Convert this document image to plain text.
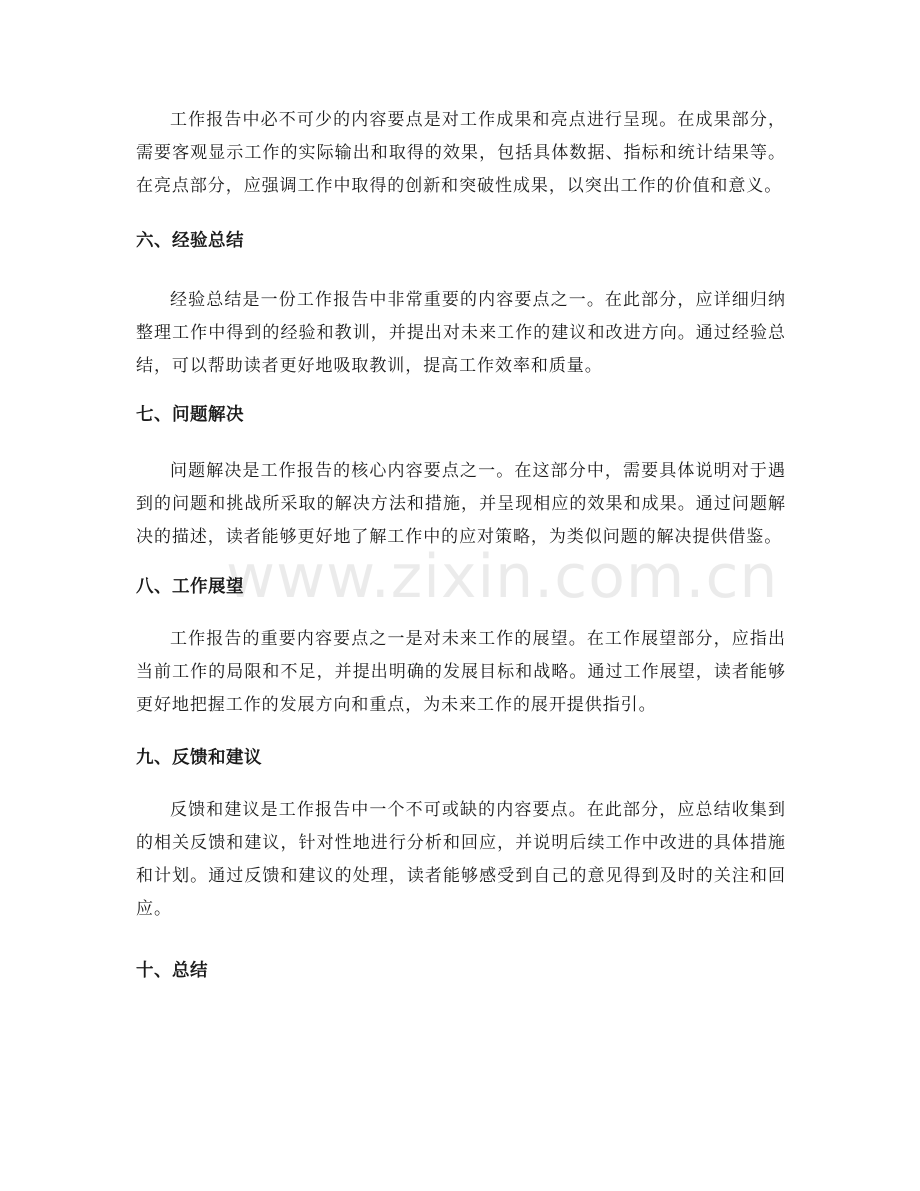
工作报告中必不可少的内容要点是对工作成果和亮点进行呈现。在成果部分，需要客观显示工作的实际输出和取得的效果，包括具体数据、指标和统计结果等。在亮点部分，应强调工作中取得的创新和突破性成果，以突出工作的价值和意义。

六、经验总结

经验总结是一份工作报告中非常重要的内容要点之一。在此部分，应详细归纳整理工作中得到的经验和教训，并提出对未来工作的建议和改进方向。通过经验总结，可以帮助读者更好地吸取教训，提高工作效率和质量。

七、问题解决

问题解决是工作报告的核心内容要点之一。在这部分中，需要具体说明对于遇到的问题和挑战所采取的解决方法和措施，并呈现相应的效果和成果。通过问题解决的描述，读者能够更好地了解工作中的应对策略，为类似问题的解决提供借鉴。

八、工作展望

工作报告的重要内容要点之一是对未来工作的展望。在工作展望部分，应指出当前工作的局限和不足，并提出明确的发展目标和战略。通过工作展望，读者能够更好地把握工作的发展方向和重点，为未来工作的展开提供指引。

九、反馈和建议

反馈和建议是工作报告中一个不可或缺的内容要点。在此部分，应总结收集到的相关反馈和建议，针对性地进行分析和回应，并说明后续工作中改进的具体措施和计划。通过反馈和建议的处理，读者能够感受到自己的意见得到及时的关注和回应。

十、总结
www.zixin.com.cn
